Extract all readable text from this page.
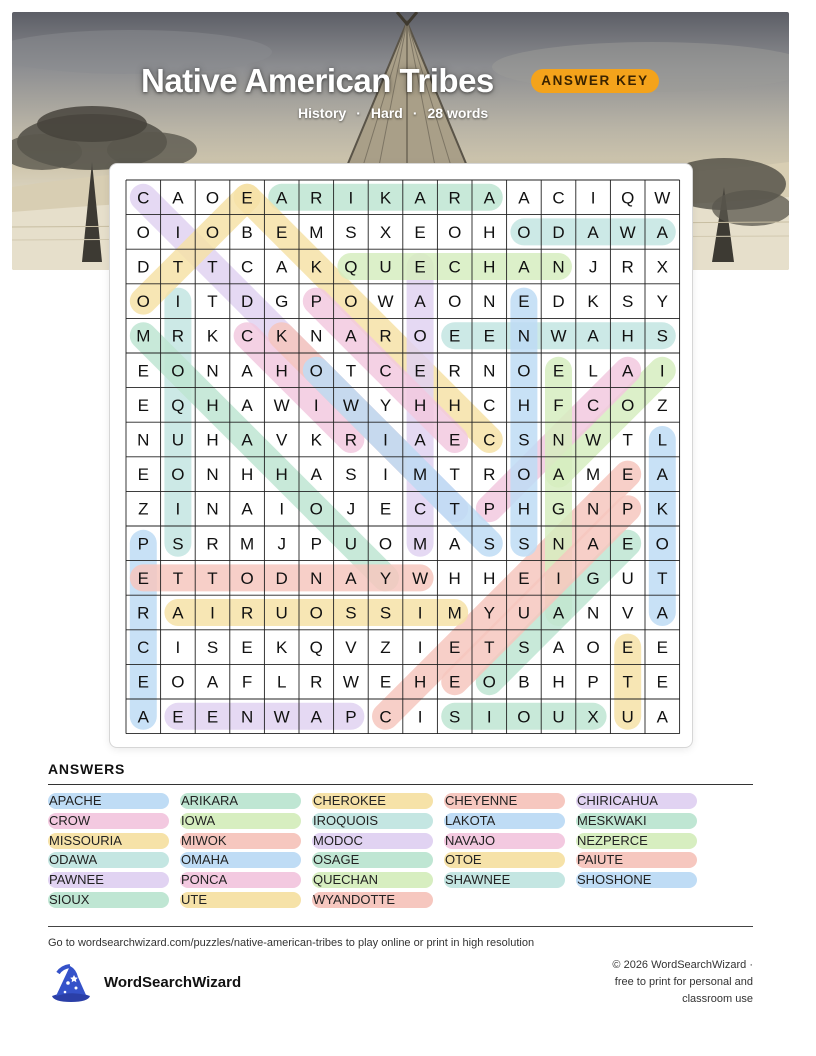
Native American Tribes	ANSWER KEY
History · Hard · 28 words
C A O E A R I K A R A A C I Q W
O I O B E M S X E O H O D A W A
D T T C A K Q U E C H A N J R X
O I T D G P O W A O N E D K S Y
M R K C K N A R O E E N W A H S
E O N A H O T C E R N O E L A I
E Q H A W I W Y H H C H F C O Z
N U H A V K R I A E C S N W T L
E O N H H A S I M T R O A M E A
Z I N A I O J E C T P H G N P K
P S R M J P U O M A S S N A E O
E T T O D N A Y W H H E I G U T
R A I R U O S S I M Y U A N V A
C I S E K Q V Z I E T S A O E E
E O A F L R W E H E O B H P T E
A E E N W A P C I S I O U X U A
ANSWERS
APACHE	ARIKARA	CHEROKEE	CHEYENNE	CHIRICAHUA
CROW	IOWA	IROQUOIS	LAKOTA	MESKWAKI
MISSOURIA	MIWOK	MODOC	NAVAJO	NEZPERCE
ODAWA	OMAHA	OSAGE	OTOE	PAIUTE
PAWNEE	PONCA	QUECHAN	SHAWNEE	SHOSHONE
SIOUX	UTE	WYANDOTTE
Go to wordsearchwizard.com/puzzles/native-american-tribes to play online or print in high resolution
WordSearchWizard
© 2026 WordSearchWizard ·
free to print for personal and
classroom use
